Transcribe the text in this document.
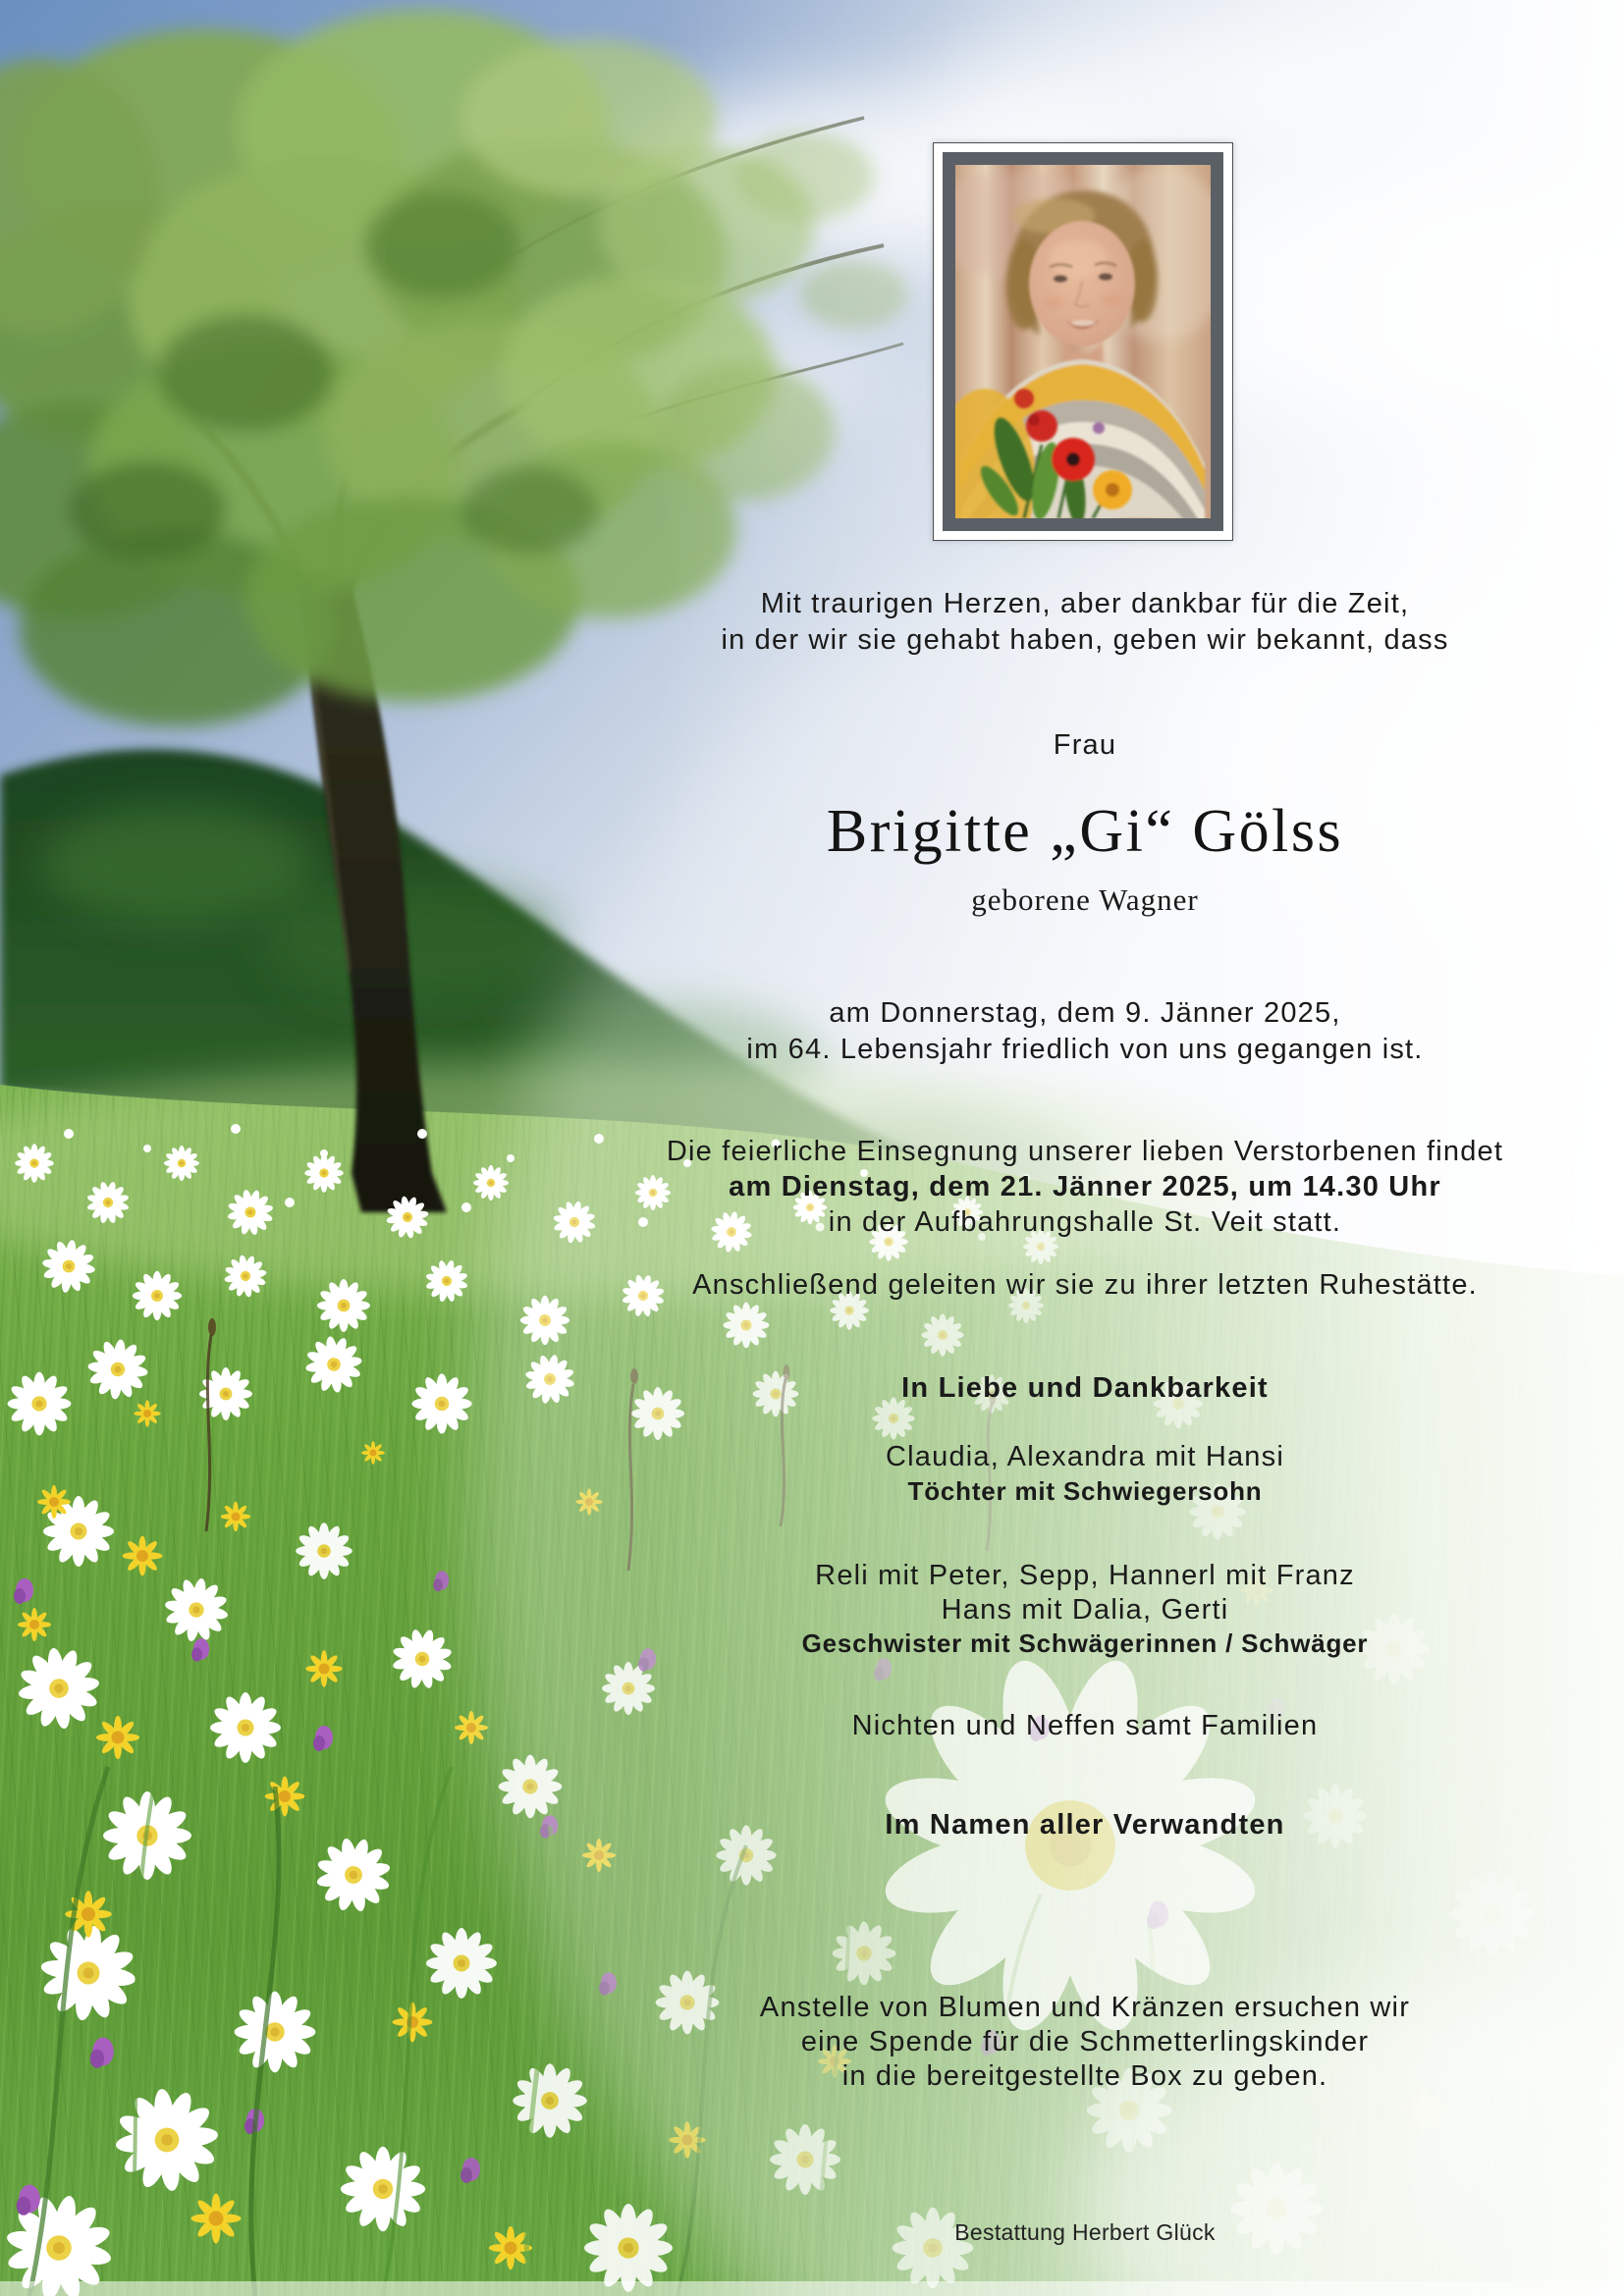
Mit traurigen Herzen, aber dankbar für die Zeit,
in der wir sie gehabt haben, geben wir bekannt, dass
Frau
Brigitte „Gi“ Gölss
geborene Wagner
am Donnerstag, dem 9. Jänner 2025,
im 64. Lebensjahr friedlich von uns gegangen ist.
Die feierliche Einsegnung unserer lieben Verstorbenen findet
am Dienstag, dem 21. Jänner 2025, um 14.30 Uhr
in der Aufbahrungshalle St. Veit statt.
Anschließend geleiten wir sie zu ihrer letzten Ruhestätte.
In Liebe und Dankbarkeit
Claudia, Alexandra mit Hansi
Töchter mit Schwiegersohn
Reli mit Peter, Sepp, Hannerl mit Franz
Hans mit Dalia, Gerti
Geschwister mit Schwägerinnen / Schwäger
Nichten und Neffen samt Familien
Im Namen aller Verwandten
Anstelle von Blumen und Kränzen ersuchen wir
eine Spende für die Schmetterlingskinder
in die bereitgestellte Box zu geben.
Bestattung Herbert Glück
